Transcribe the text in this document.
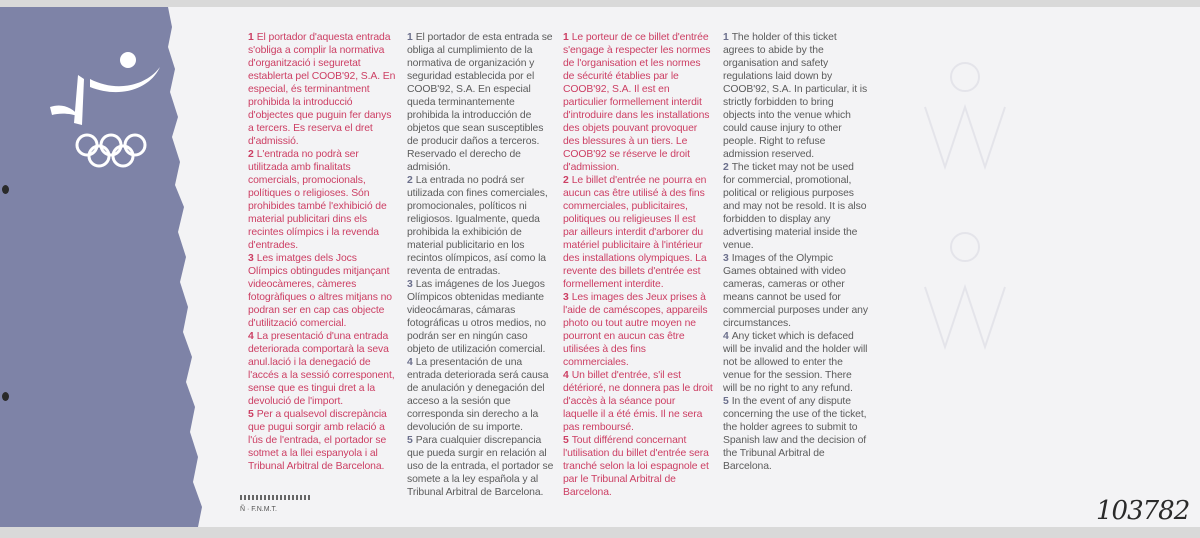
1 El portador d'aquesta entrada s'obliga a complir la normativa d'organització i seguretat establerta pel COOB'92, S.A. En especial, és terminantment prohibida la introducció d'objectes que puguin fer danys a tercers. Es reserva el dret d'admissió.

2 L'entrada no podrà ser utilitzada amb finalitats comercials, promocionals, polítiques o religioses. Són prohibides també l'exhibició de material publicitari dins els recintes olímpics i la revenda d'entrades.

3 Les imatges dels Jocs Olímpics obtingudes mitjançant videocàmeres, càmeres fotogràfiques o altres mitjans no podran ser en cap cas objecte d'utilització comercial.

4 La presentació d'una entrada deteriorada comportarà la seva anul.lació i la denegació de l'accés a la sessió corresponent, sense que es tingui dret a la devolució de l'import.

5 Per a qualsevol discrepància que pugui sorgir amb relació a l'ús de l'entrada, el portador se sotmet a la llei espanyola i al Tribunal Arbitral de Barcelona.

1 El portador de esta entrada se obliga al cumplimiento de la normativa de organización y seguridad establecida por el COOB'92, S.A. En especial queda terminantemente prohibida la introducción de objetos que sean susceptibles de producir daños a terceros. Reservado el derecho de admisión.

2 La entrada no podrá ser utilizada con fines comerciales, promocionales, políticos ni religiosos. Igualmente, queda prohibida la exhibición de material publicitario en los recintos olímpicos, así como la reventa de entradas.

3 Las imágenes de los Juegos Olímpicos obtenidas mediante videocámaras, cámaras fotográficas u otros medios, no podrán ser en ningún caso objeto de utilización comercial.

4 La presentación de una entrada deteriorada será causa de anulación y denegación del acceso a la sesión que corresponda sin derecho a la devolución de su importe.

5 Para cualquier discrepancia que pueda surgir en relación al uso de la entrada, el portador se somete a la ley española y al Tribunal Arbitral de Barcelona.

1 Le porteur de ce billet d'entrée s'engage à respecter les normes de l'organisation et les normes de sécurité établies par le COOB'92, S.A. Il est en particulier formellement interdit d'introduire dans les installations des objets pouvant provoquer des blessures à un tiers. Le COOB'92 se réserve le droit d'admission.

2 Le billet d'entrée ne pourra en aucun cas être utilisé à des fins commerciales, publicitaires, politiques ou religieuses Il est par ailleurs interdit d'arborer du matériel publicitaire à l'intérieur des installations olympiques. La revente des billets d'entrée est formellement interdite.

3 Les images des Jeux prises à l'aide de caméscopes, appareils photo ou tout autre moyen ne pourront en aucun cas être utilisées à des fins commerciales.

4 Un billet d'entrée, s'il est détérioré, ne donnera pas le droit d'accès à la séance pour laquelle il a été émis. Il ne sera pas remboursé.

5 Tout différend concernant l'utilisation du billet d'entrée sera tranché selon la loi espagnole et par le Tribunal Arbitral de Barcelona.

1 The holder of this ticket agrees to abide by the organisation and safety regulations laid down by COOB'92, S.A. In particular, it is strictly forbidden to bring objects into the venue which could cause injury to other people. Right to refuse admission reserved.

2 The ticket may not be used for commercial, promotional, political or religious purposes and may not be resold. It is also forbidden to display any advertising material inside the venue.

3 Images of the Olympic Games obtained with video cameras, cameras or other means cannot be used for commercial purposes under any circumstances.

4 Any ticket which is defaced will be invalid and the holder will not be allowed to enter the venue for the session. There will be no right to any refund.

5 In the event of any dispute concerning the use of the ticket, the holder agrees to submit to Spanish law and the decision of the Tribunal Arbitral de Barcelona.

Ñ · F.N.M.T.	103782
